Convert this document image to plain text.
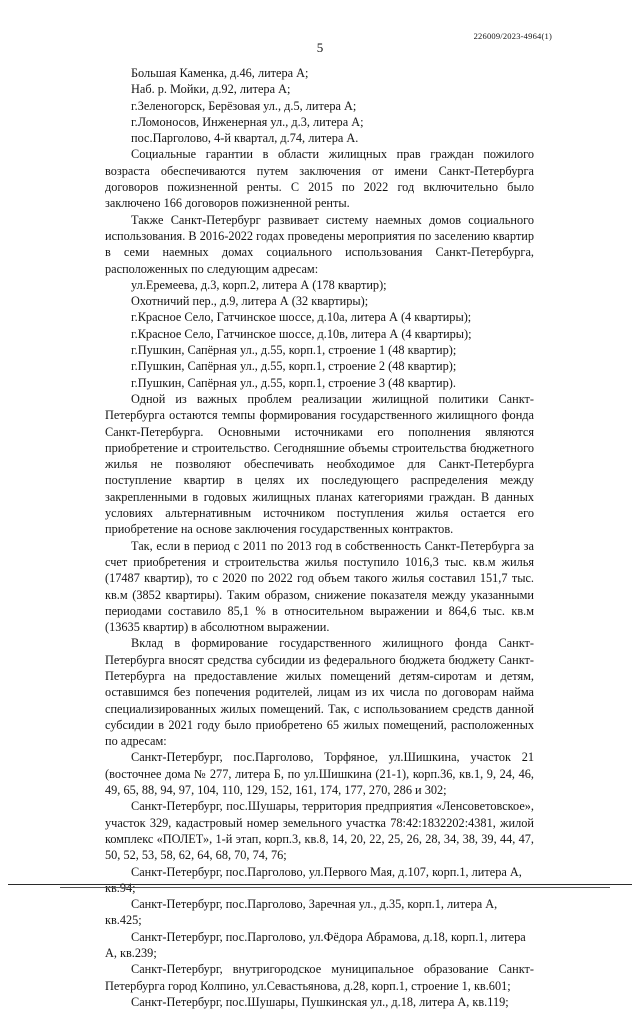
226009/2023-4964(1)
5

Большая Каменка, д.46, литера А;

Наб. р. Мойки, д.92, литера А;

г.Зеленогорск, Берёзовая ул., д.5, литера А;

г.Ломоносов, Инженерная ул., д.3, литера А;

пос.Парголово, 4-й квартал, д.74, литера А.

Социальные гарантии в области жилищных прав граждан пожилого возраста обеспечиваются путем заключения от имени Санкт-Петербурга договоров пожизненной ренты. С 2015 по 2022 год включительно было заключено 166 договоров пожизненной ренты.

Также Санкт-Петербург развивает систему наемных домов социального использования. В 2016-2022 годах проведены мероприятия по заселению квартир в семи наемных домах социального использования Санкт-Петербурга, расположенных по следующим адресам:

ул.Еремеева, д.3, корп.2, литера А (178 квартир);

Охотничий пер., д.9, литера А (32 квартиры);

г.Красное Село, Гатчинское шоссе, д.10а, литера А (4 квартиры);

г.Красное Село, Гатчинское шоссе, д.10в, литера А (4 квартиры);

г.Пушкин, Сапёрная ул., д.55, корп.1, строение 1 (48 квартир);

г.Пушкин, Сапёрная ул., д.55, корп.1, строение 2 (48 квартир);

г.Пушкин, Сапёрная ул., д.55, корп.1, строение 3 (48 квартир).

Одной из важных проблем реализации жилищной политики Санкт-Петербурга остаются темпы формирования государственного жилищного фонда Санкт-Петербурга. Основными источниками его пополнения являются приобретение и строительство. Сегодняшние объемы строительства бюджетного жилья не позволяют обеспечивать необходимое для Санкт-Петербурга поступление квартир в целях их последующего распределения между закрепленными в годовых жилищных планах категориями граждан. В данных условиях альтернативным источником поступления жилья остается его приобретение на основе заключения государственных контрактов.

Так, если в период с 2011 по 2013 год в собственность Санкт-Петербурга за счет приобретения и строительства жилья поступило 1016,3 тыс. кв.м жилья (17487 квартир), то с 2020 по 2022 год объем такого жилья составил 151,7 тыс. кв.м (3852 квартиры). Таким образом, снижение показателя между указанными периодами составило 85,1 % в относительном выражении и 864,6 тыс. кв.м (13635 квартир) в абсолютном выражении.

Вклад в формирование государственного жилищного фонда Санкт-Петербурга вносят средства субсидии из федерального бюджета бюджету Санкт-Петербурга на предоставление жилых помещений детям-сиротам и детям, оставшимся без попечения родителей, лицам из их числа по договорам найма специализированных жилых помещений. Так, с использованием средств данной субсидии в 2021 году было приобретено 65 жилых помещений, расположенных по адресам:

Санкт-Петербург, пос.Парголово, Торфяное, ул.Шишкина, участок 21 (восточнее дома № 277, литера Б, по ул.Шишкина (21-1), корп.36, кв.1, 9, 24, 46, 49, 65, 88, 94, 97, 104, 110, 129, 152, 161, 174, 177, 270, 286 и 302;

Санкт-Петербург, пос.Шушары, территория предприятия «Ленсоветовское», участок 329, кадастровый номер земельного участка 78:42:1832202:4381, жилой комплекс «ПОЛЕТ», 1-й этап, корп.3, кв.8, 14, 20, 22, 25, 26, 28, 34, 38, 39, 44, 47, 50, 52, 53, 58, 62, 64, 68, 70, 74, 76;

Санкт-Петербург, пос.Парголово, ул.Первого Мая, д.107, корп.1, литера А, кв.94;

Санкт-Петербург, пос.Парголово, Заречная ул., д.35, корп.1, литера А, кв.425;

Санкт-Петербург, пос.Парголово, ул.Фёдора Абрамова, д.18, корп.1, литера А, кв.239;

Санкт-Петербург, внутригородское муниципальное образование Санкт-Петербурга город Колпино, ул.Севастьянова, д.28, корп.1, строение 1, кв.601;

Санкт-Петербург, пос.Шушары, Пушкинская ул., д.18, литера А, кв.119;
